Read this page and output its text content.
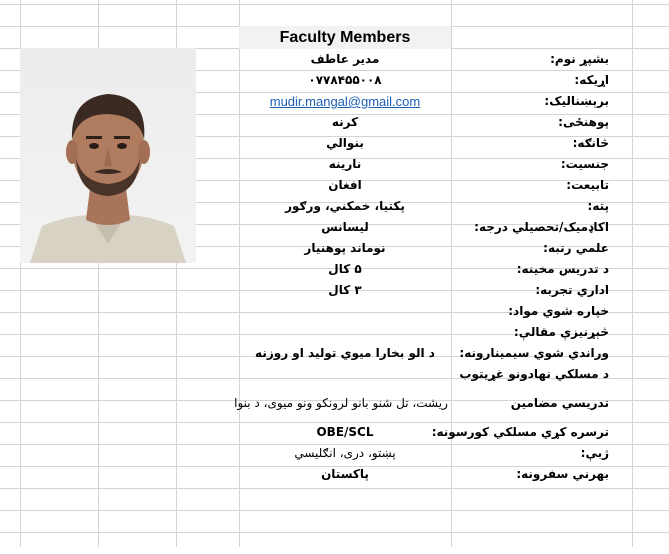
Faculty Members
بشپړ نوم:
مدير عاطف
اړیکه:
۰۷۷۸۴۵۵۰۰۸
برېښناليک:
mudir.mangal@gmail.com
پوهنځی:
کرنه
څانګه:
بنوالي
جنسیت:
نارينه
تابیعت:
افغان
پته:
پکتیا، خمکني، ورګور
اکاډمیک/تحصیلي درجه:
ليسانس
علمي رتبه:
نوماند پوهنيار
د تدریس مخينه:
۵ کال
اداري تجربه:
۳ کال
خپاره شوي مواد:
څېړنيزې مقالې:
وراندي شوي سیمینارونه:
د الو بخارا ميوي توليد او روزنه
د مسلکي نهادونو غړيتوب
تدریسي مضامين
ریشت، تل شنو بانو لرونکو ونو ميوی، د بنوا
ترسره کړي مسلکي کورسونه:
OBE/SCL
ژبې:
پښتو، دری، انګلیسي
بهرني سفرونه:
پاکستان
